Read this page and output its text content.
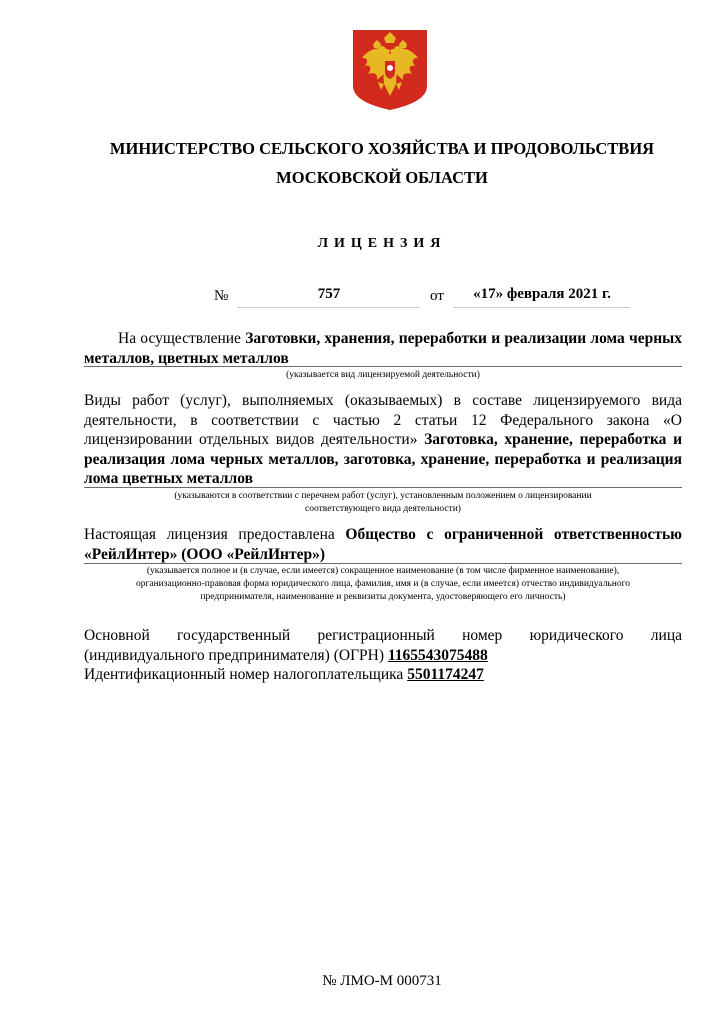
МИНИСТЕРСТВО СЕЛЬСКОГО ХОЗЯЙСТВА И ПРОДОВОЛЬСТВИЯ
МОСКОВСКОЙ ОБЛАСТИ
ЛИЦЕНЗИЯ
№	757	от	«17» февраля 2021 г.
На осуществление Заготовки, хранения, переработки и реализации лома черных металлов, цветных металлов
(указывается вид лицензируемой деятельности)
Виды работ (услуг), выполняемых (оказываемых) в составе лицензируемого вида деятельности, в соответствии с частью 2 статьи 12 Федерального закона «О лицензировании отдельных видов деятельности» Заготовка, хранение, переработка и реализация лома черных металлов, заготовка, хранение, переработка и реализация лома цветных металлов
(указываются в соответствии с перечнем работ (услуг), установленным положением о лицензировании
соответствующего вида деятельности)
Настоящая лицензия предоставлена Общество с ограниченной ответственностью «РейлИнтер» (ООО «РейлИнтер»)
(указывается полное и (в случае, если имеется) сокращенное наименование (в том числе фирменное наименование),
организационно-правовая форма юридического лица, фамилия, имя и (в случае, если имеется) отчество индивидуального
предпринимателя, наименование и реквизиты документа, удостоверяющего его личность)
Основной государственный регистрационный номер юридического лица (индивидуального предпринимателя) (ОГРН) 1165543075488
Идентификационный номер налогоплательщика 5501174247
№ ЛМО-М 000731
